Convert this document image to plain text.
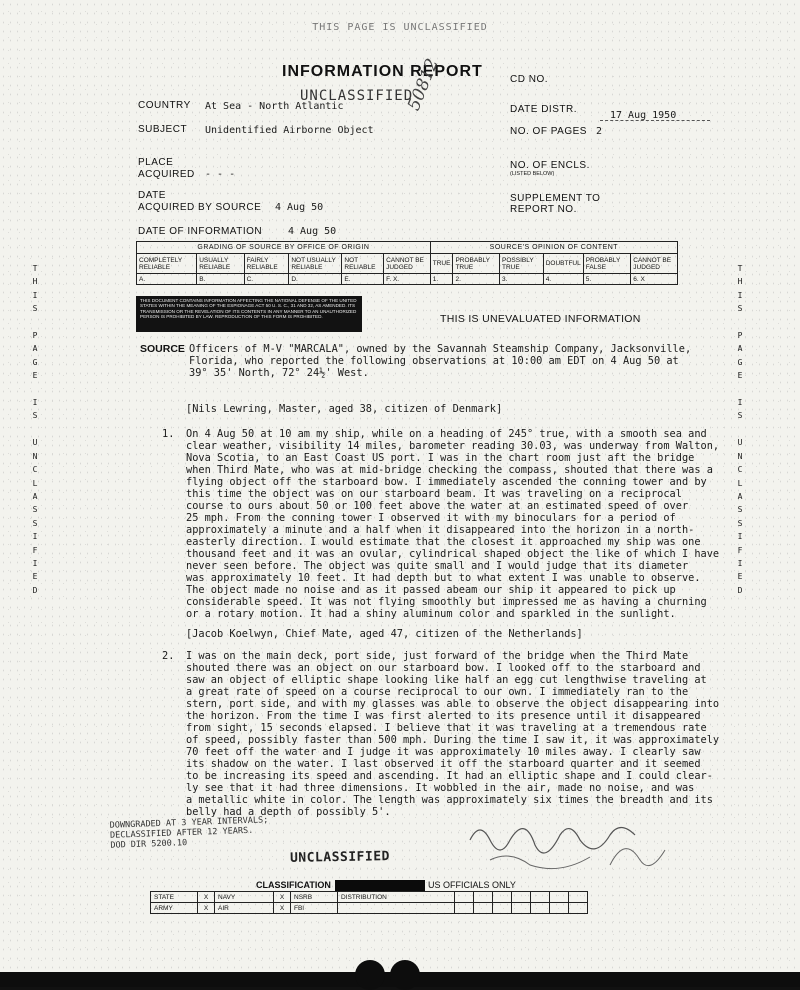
THIS PAGE IS UNCLASSIFIED
INFORMATION REPORT
UNCLASSIFIED
COUNTRY At Sea - North Atlantic
SUBJECT Unidentified Airborne Object
PLACE
ACQUIRED - - -
DATE
ACQUIRED BY SOURCE 4 Aug 50
DATE OF INFORMATION	4 Aug 50
CD NO.
DATE DISTR.
17 Aug 1950
NO. OF PAGES 2
NO. OF ENCLS.
(LISTED BELOW)
SUPPLEMENT TO
REPORT NO.
50812
GRADING OF SOURCE BY OFFICE OF ORIGIN						SOURCE'S OPINION OF CONTENT					
COMPLETELY RELIABLE	USUALLY RELIABLE	FAIRLY RELIABLE	NOT USUALLY RELIABLE	NOT RELIABLE	CANNOT BE JUDGED	TRUE	PROBABLY TRUE	POSSIBLY TRUE	DOUBTFUL	PROBABLY FALSE	CANNOT BE JUDGED
A.	B.	C.	D.	E.	F. X.	1.	2.	3.	4.	5.	6. X
THIS DOCUMENT CONTAINS INFORMATION AFFECTING THE NATIONAL DEFENSE OF THE UNITED STATES WITHIN THE MEANING OF THE ESPIONAGE ACT 50 U. S. C., 31 AND 32, AS AMENDED. ITS TRANSMISSION OR THE REVELATION OF ITS CONTENTS IN ANY MANNER TO AN UNAUTHORIZED PERSON IS PROHIBITED BY LAW. REPRODUCTION OF THIS FORM IS PROHIBITED.	THIS IS UNEVALUATED INFORMATION
SOURCE Officers of M-V "MARCALA", owned by the Savannah Steamship Company, Jacksonville,
Florida, who reported the following observations at 10:00 am EDT on 4 Aug 50 at
39° 35' North, 72° 24½' West.
[Nils Lewring, Master, aged 38, citizen of Denmark]
1. On 4 Aug 50 at 10 am my ship, while on a heading of 245° true, with a smooth sea and
clear weather, visibility 14 miles, barometer reading 30.03, was underway from Walton,
Nova Scotia, to an East Coast US port. I was in the chart room just aft the bridge
when Third Mate, who was at mid-bridge checking the compass, shouted that there was a
flying object off the starboard bow. I immediately ascended the conning tower and by
this time the object was on our starboard beam. It was traveling on a reciprocal
course to ours about 50 or 100 feet above the water at an estimated speed of over
25 mph. From the conning tower I observed it with my binoculars for a period of
approximately a minute and a half when it disappeared into the horizon in a north-
easterly direction. I would estimate that the closest it approached my ship was one
thousand feet and it was an ovular, cylindrical shaped object the like of which I have
never seen before. The object was quite small and I would judge that its diameter
was approximately 10 feet. It had depth but to what extent I was unable to observe.
The object made no noise and as it passed abeam our ship it appeared to pick up
considerable speed. It was not flying smoothly but impressed me as having a churning
or a rotary motion. It had a shiny aluminum color and sparkled in the sunlight.
[Jacob Koelwyn, Chief Mate, aged 47, citizen of the Netherlands]
2. I was on the main deck, port side, just forward of the bridge when the Third Mate
shouted there was an object on our starboard bow. I looked off to the starboard and
saw an object of elliptic shape looking like half an egg cut lengthwise traveling at
a great rate of speed on a course reciprocal to our own. I immediately ran to the
stern, port side, and with my glasses was able to observe the object disappearing into
the horizon. From the time I was first alerted to its presence until it disappeared
from sight, 15 seconds elapsed. I believe that it was traveling at a tremendous rate
of speed, possibly faster than 500 mph. During the time I saw it, it was approximately
70 feet off the water and I judge it was approximately 10 miles away. I clearly saw
its shadow on the water. I last observed it off the starboard quarter and it seemed
to be increasing its speed and ascending. It had an elliptic shape and I could clear-
ly see that it had three dimensions. It wobbled in the air, made no noise, and was
a metallic white in color. The length was approximately six times the breadth and its
belly had a depth of possibly 5'.
DOWNGRADED AT 3 YEAR INTERVALS;
DECLASSIFIED AFTER 12 YEARS.
DOD DIR 5200.10
UNCLASSIFIED
CLASSIFICATION	US OFFICIALS ONLY
STATE	X	NAVY	X	NSRB	DISTRIBUTION							
ARMY	X	AIR	X	FBI								
T
H
I
S

P
A
G
E

I
S

U
N
C
L
A
S
S
I
F
I
E
D
T
H
I
S

P
A
G
E

I
S

U
N
C
L
A
S
S
I
F
I
E
D
